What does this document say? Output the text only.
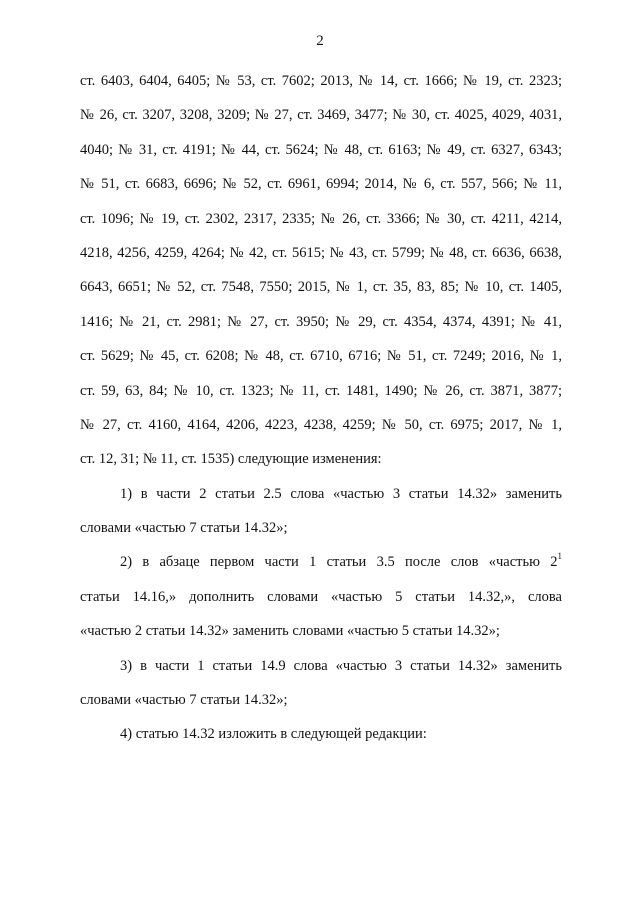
2
ст. 6403, 6404, 6405; № 53, ст. 7602; 2013, № 14, ст. 1666; № 19, ст. 2323;
№ 26, ст. 3207, 3208, 3209; № 27, ст. 3469, 3477; № 30, ст. 4025, 4029, 4031,
4040; № 31, ст. 4191; № 44, ст. 5624; № 48, ст. 6163; № 49, ст. 6327, 6343;
№ 51, ст. 6683, 6696; № 52, ст. 6961, 6994; 2014, № 6, ст. 557, 566; № 11,
ст. 1096; № 19, ст. 2302, 2317, 2335; № 26, ст. 3366; № 30, ст. 4211, 4214,
4218, 4256, 4259, 4264; № 42, ст. 5615; № 43, ст. 5799; № 48, ст. 6636, 6638,
6643, 6651; № 52, ст. 7548, 7550; 2015, № 1, ст. 35, 83, 85; № 10, ст. 1405,
1416; № 21, ст. 2981; № 27, ст. 3950; № 29, ст. 4354, 4374, 4391; № 41,
ст. 5629; № 45, ст. 6208; № 48, ст. 6710, 6716; № 51, ст. 7249; 2016, № 1,
ст. 59, 63, 84; № 10, ст. 1323; № 11, ст. 1481, 1490; № 26, ст. 3871, 3877;
№ 27, ст. 4160, 4164, 4206, 4223, 4238, 4259; № 50, ст. 6975; 2017, № 1,
ст. 12, 31; № 11, ст. 1535) следующие изменения:
1) в части 2 статьи 2.5 слова «частью 3 статьи 14.32» заменить
словами «частью 7 статьи 14.32»;
2) в абзаце первом части 1 статьи 3.5 после слов «частью $2^1$
статьи 14.16,» дополнить словами «частью 5 статьи 14.32,», слова
«частью 2 статьи 14.32» заменить словами «частью 5 статьи 14.32»;
3) в части 1 статьи 14.9 слова «частью 3 статьи 14.32» заменить
словами «частью 7 статьи 14.32»;
4) статью 14.32 изложить в следующей редакции:
